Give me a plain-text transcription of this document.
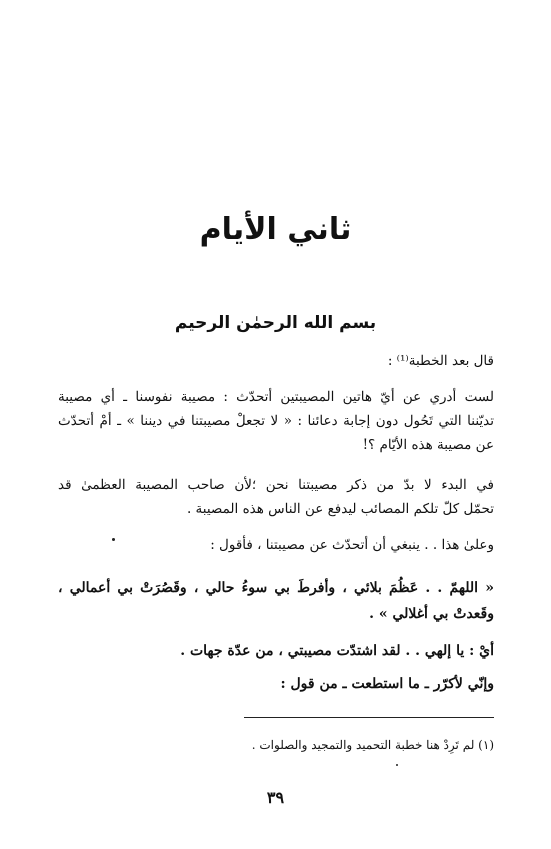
ثاني الأيام
بسم الله الرحمٰن الرحيم
قال بعد الخطبة⁽¹⁾ :
لست أدري عن أيّ هاتين المصيبتين أتحدّث : مصيبة نفوسنا ـ أي مصيبة
تديّننا التي تَحُول دون إجابة دعائنا : « لا تجعلْ مصيبتنا في ديننا » ـ أمْ أتحدّث
عن مصيبة هذه الأيّام ؟!
في البدء لا بدّ من ذكر مصيبتنا نحن ؛لأن صاحب المصيبة العظمىٰ قد
تحمّل كلّ تلكم المصائب ليدفع عن الناس هذه المصيبة .
وعلىٰ هذا . . ينبغي أن أتحدّث عن مصيبتنا ، فأقول :
« اللهمّ . . عَظُمَ بلائي ، وأفرطَ بي سوءُ حالي ، وقَصُرَتْ بي أعمالي ،
وقَعدتْ بي أغلالي » .
أيْ : يا إلهي . . لقد اشتدّت مصيبتي ، من عدّة جهات .
وإنّي لأكرّر ـ ما استطعت ـ من قول :
(١) لم تَرِدْ هنا خطبة التحميد والتمجيد والصلوات .
٣٩
